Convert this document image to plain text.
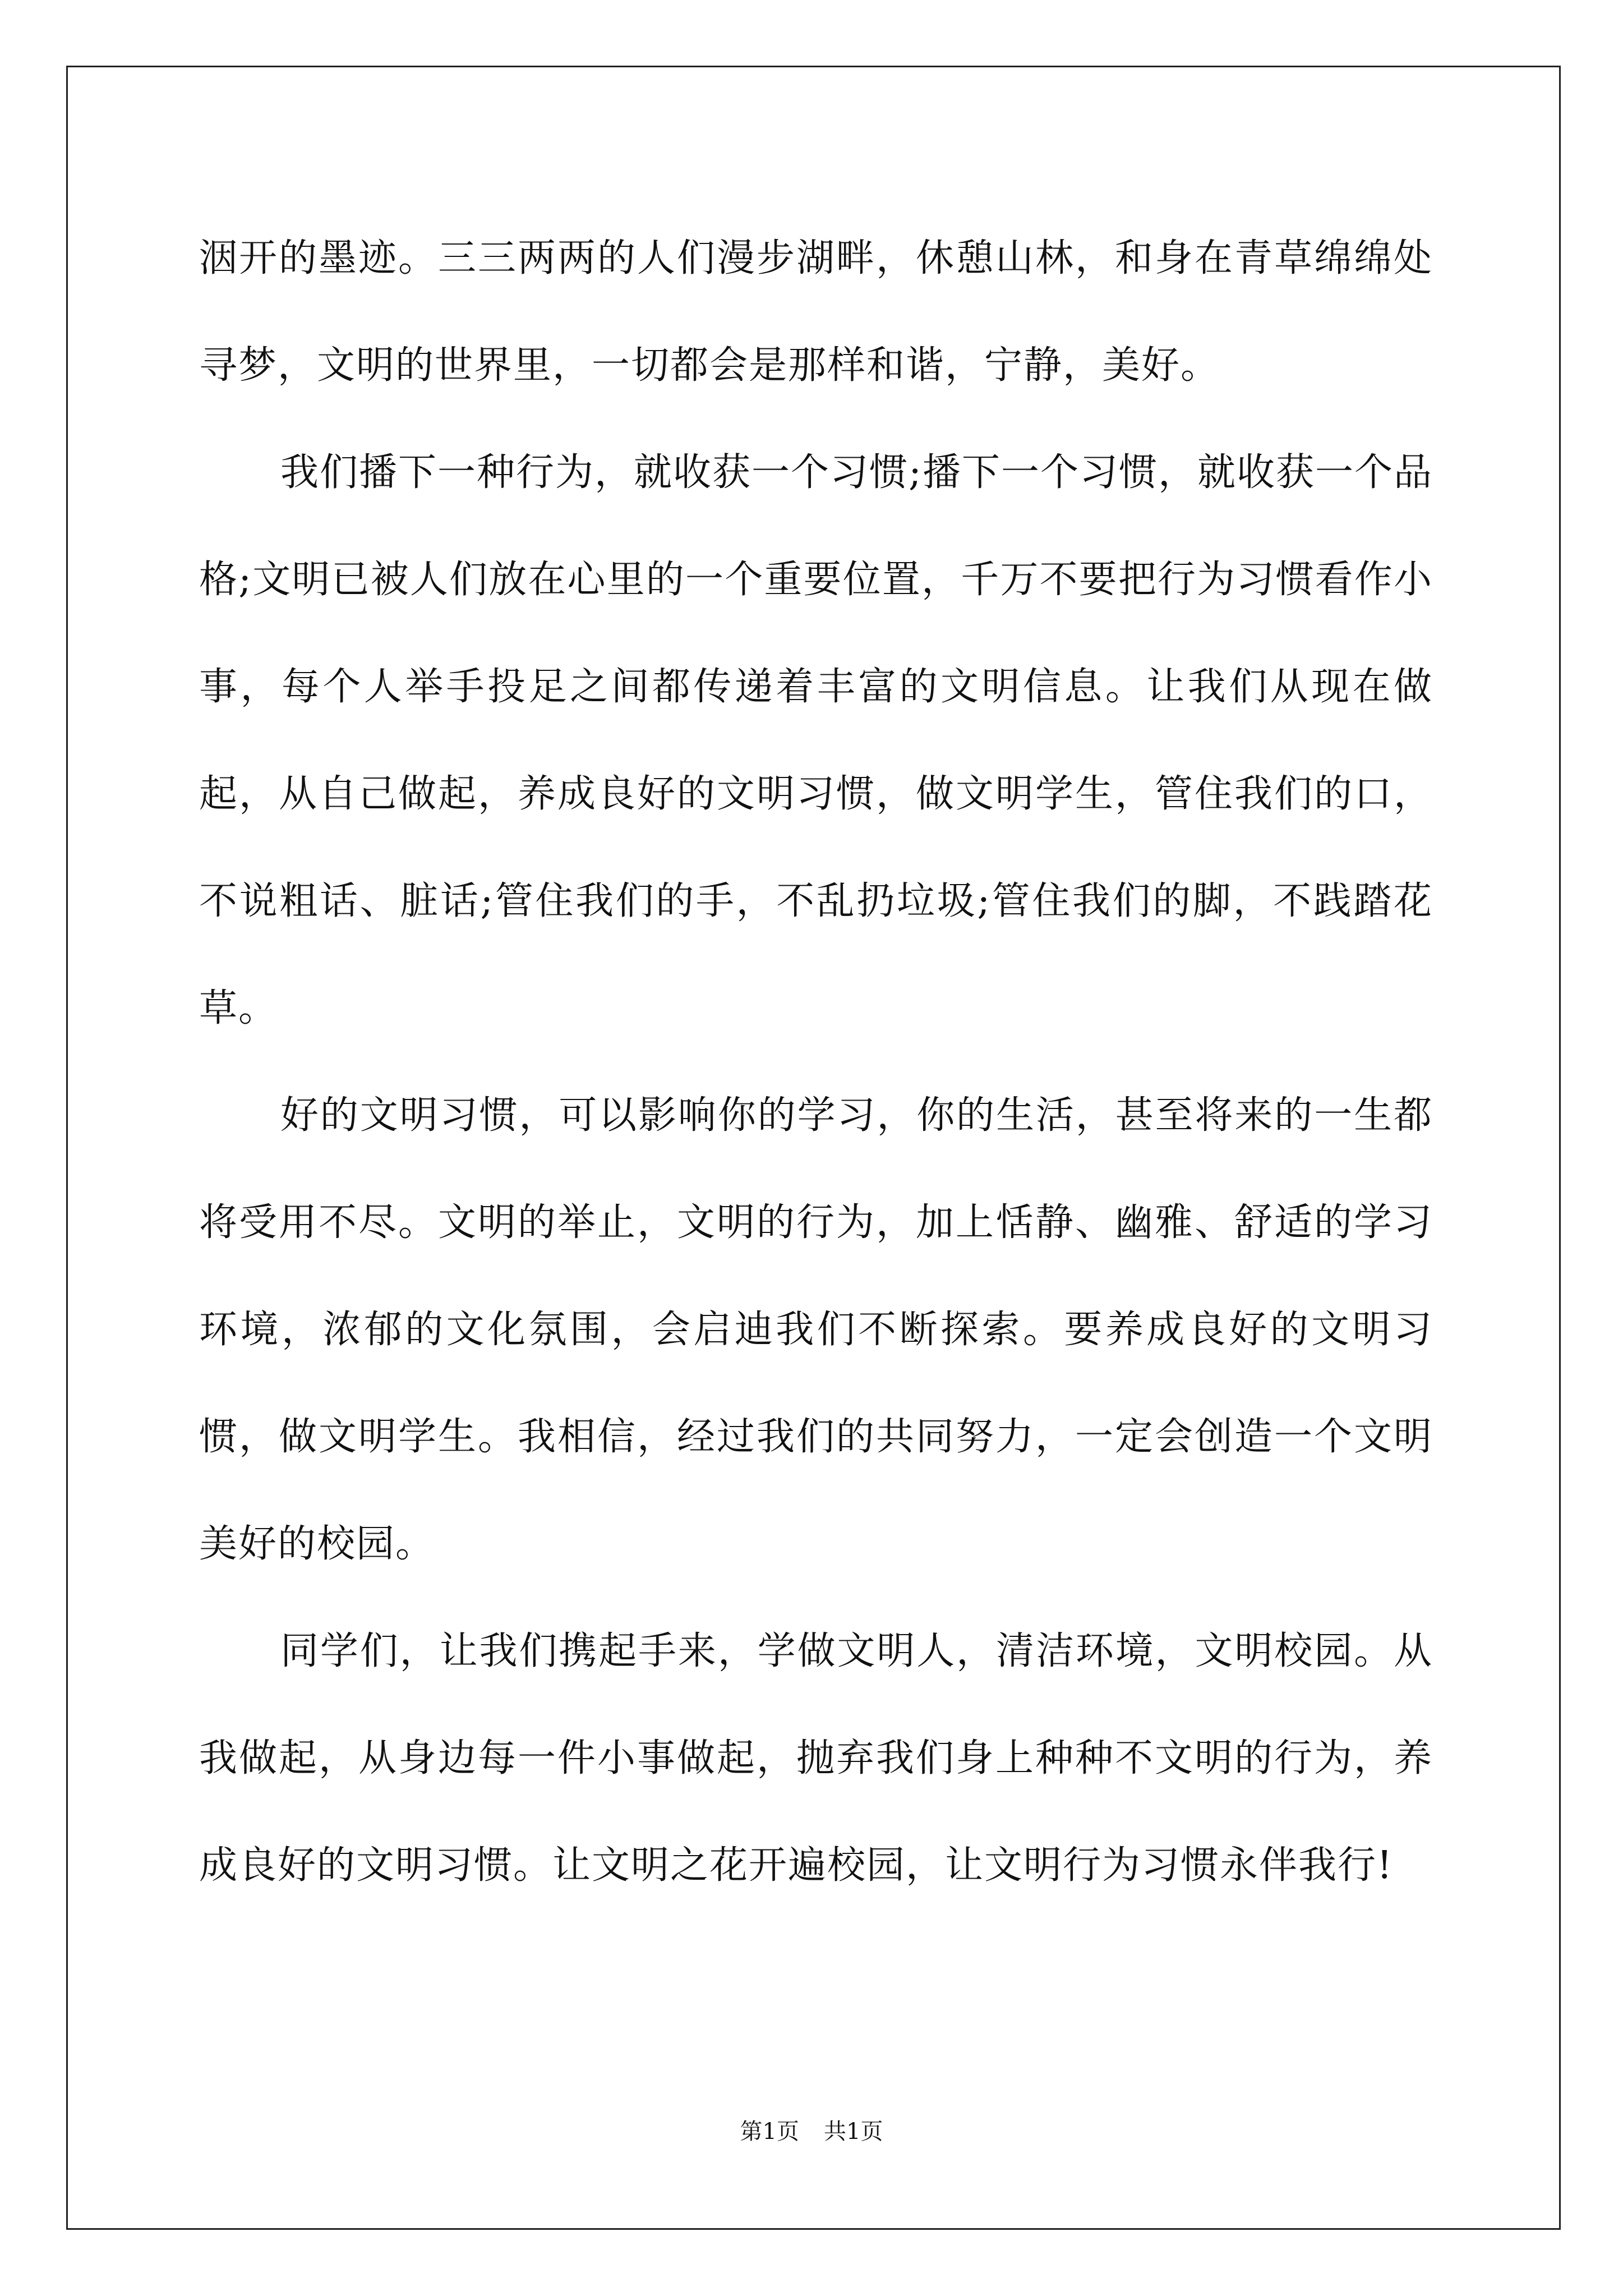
洇开的墨迹。三三两两的人们漫步湖畔，休憩山林，和身在青草绵绵处寻梦，文明的世界里，一切都会是那样和谐，宁静，美好。

我们播下一种行为，就收获一个习惯;播下一个习惯，就收获一个品格;文明已被人们放在心里的一个重要位置，千万不要把行为习惯看作小事，每个人举手投足之间都传递着丰富的文明信息。让我们从现在做起，从自己做起，养成良好的文明习惯，做文明学生，管住我们的口，不说粗话、脏话;管住我们的手，不乱扔垃圾;管住我们的脚，不践踏花草。

好的文明习惯，可以影响你的学习，你的生活，甚至将来的一生都将受用不尽。文明的举止，文明的行为，加上恬静、幽雅、舒适的学习环境，浓郁的文化氛围，会启迪我们不断探索。要养成良好的文明习惯，做文明学生。我相信，经过我们的共同努力，一定会创造一个文明美好的校园。

同学们，让我们携起手来，学做文明人，清洁环境，文明校园。从我做起，从身边每一件小事做起，抛弃我们身上种种不文明的行为，养成良好的文明习惯。让文明之花开遍校园，让文明行为习惯永伴我行!

第1页 共1页
